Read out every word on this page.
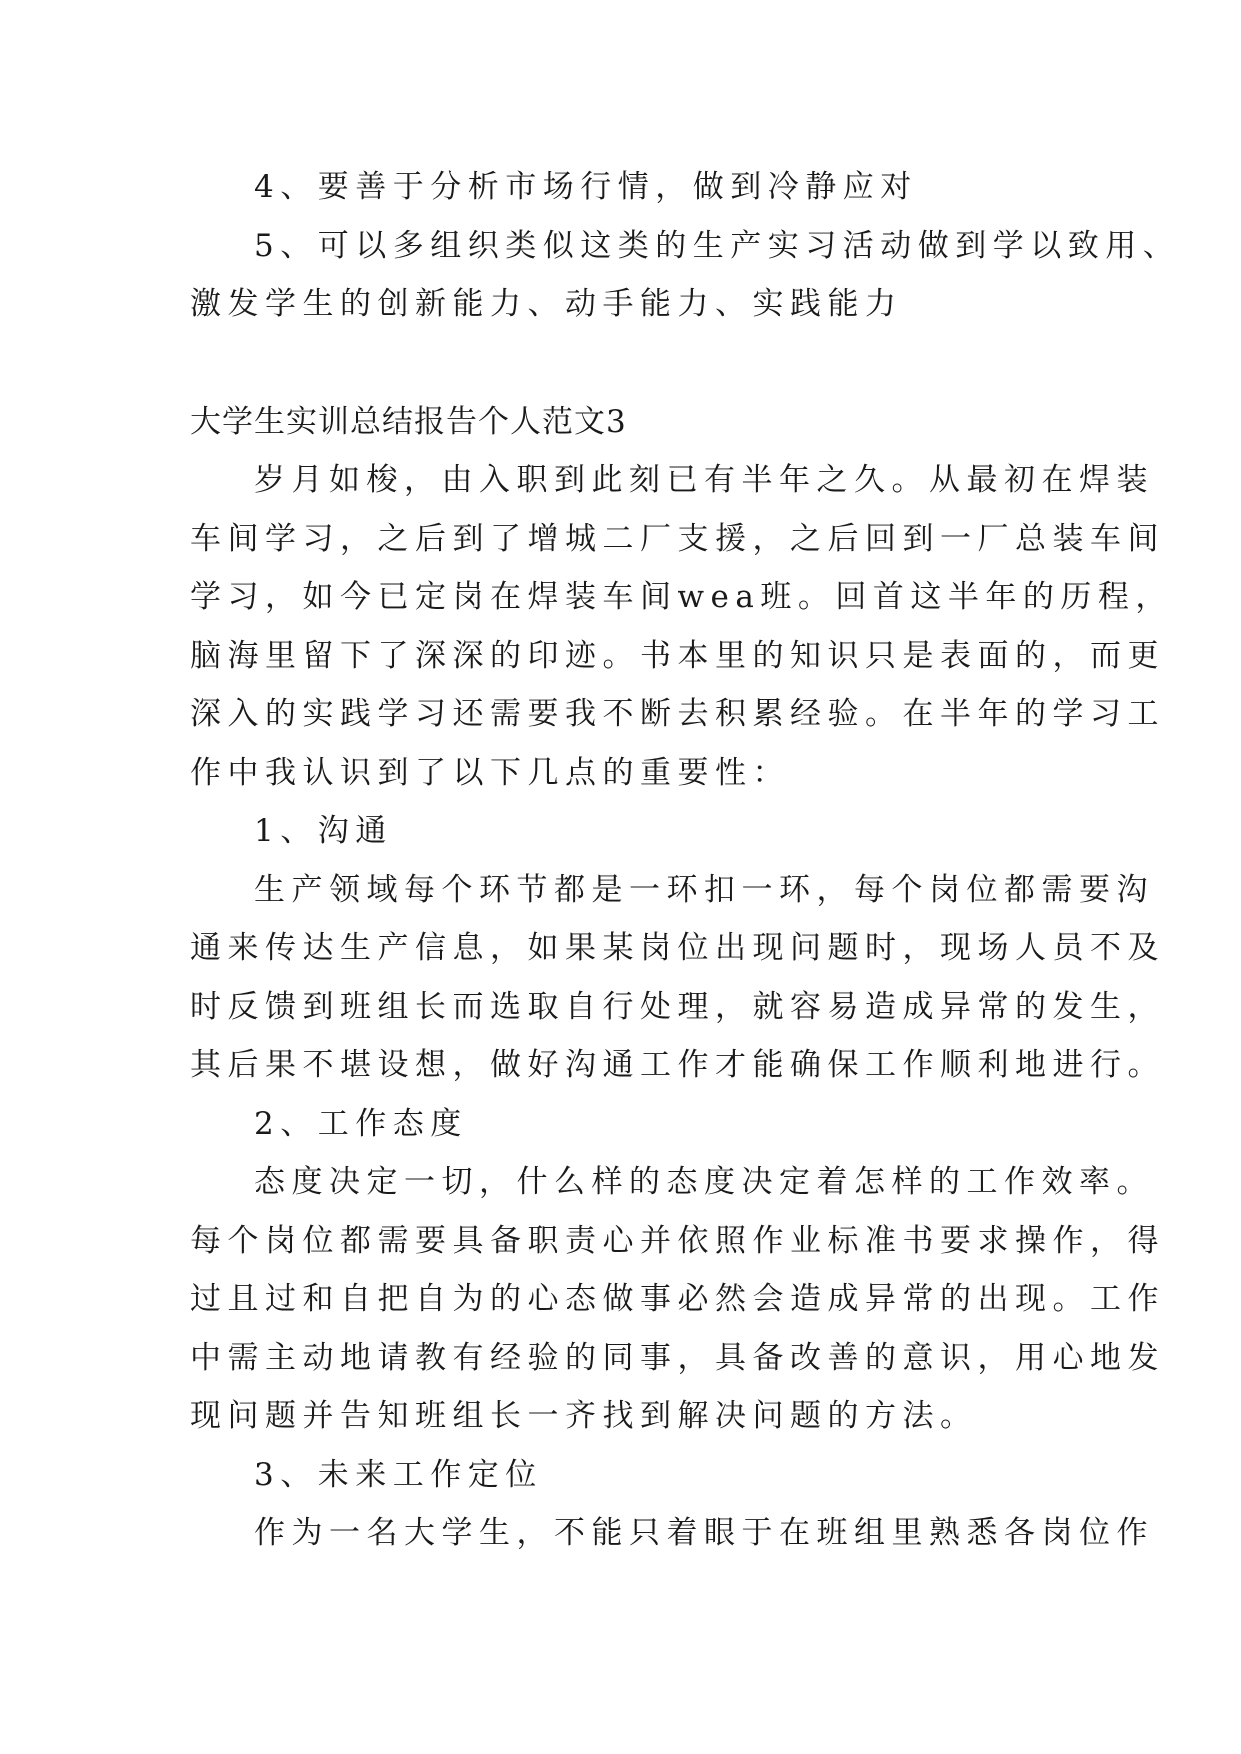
4、要善于分析市场行情，做到冷静应对

5、可以多组织类似这类的生产实习活动做到学以致用、

激发学生的创新能力、动手能力、实践能力

大学生实训总结报告个人范文3

岁月如梭，由入职到此刻已有半年之久。从最初在焊装

车间学习，之后到了增城二厂支援，之后回到一厂总装车间

学习，如今已定岗在焊装车间wea班。回首这半年的历程，

脑海里留下了深深的印迹。书本里的知识只是表面的，而更

深入的实践学习还需要我不断去积累经验。在半年的学习工

作中我认识到了以下几点的重要性：

1、沟通

生产领域每个环节都是一环扣一环，每个岗位都需要沟

通来传达生产信息，如果某岗位出现问题时，现场人员不及

时反馈到班组长而选取自行处理，就容易造成异常的发生，

其后果不堪设想，做好沟通工作才能确保工作顺利地进行。

2、工作态度

态度决定一切，什么样的态度决定着怎样的工作效率。

每个岗位都需要具备职责心并依照作业标准书要求操作，得

过且过和自把自为的心态做事必然会造成异常的出现。工作

中需主动地请教有经验的同事，具备改善的意识，用心地发

现问题并告知班组长一齐找到解决问题的方法。

3、未来工作定位

作为一名大学生，不能只着眼于在班组里熟悉各岗位作
